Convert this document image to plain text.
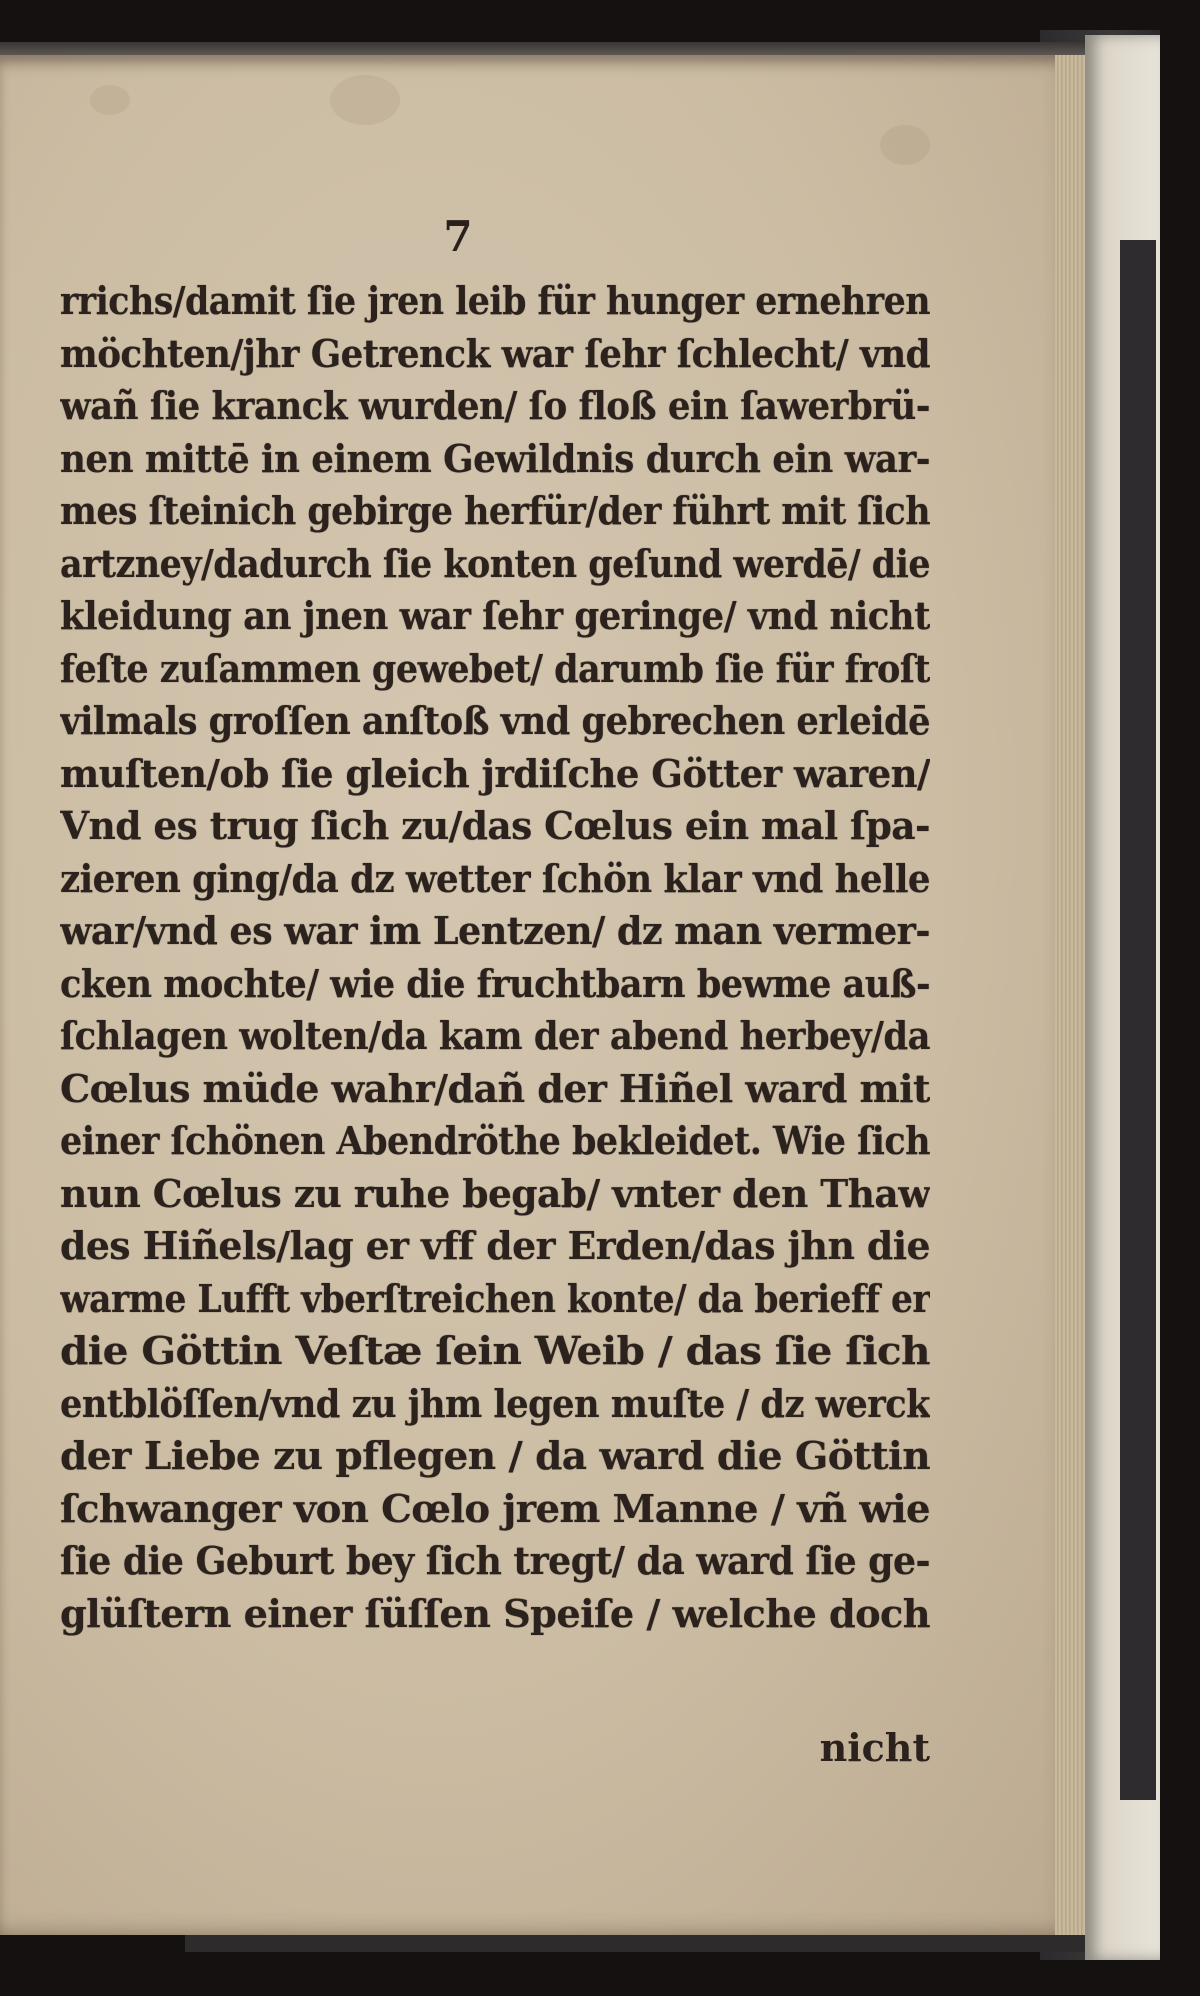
7

rrichs/damit ſie jren leib für hunger ernehren
möchten/jhr Getrenck war ſehr ſchlecht/ vnd
wañ ſie kranck wurden/ ſo floß ein ſawerbrü-
nen mittē in einem Gewildnis durch ein war-
mes ſteinich gebirge herfür/der führt mit ſich
artzney/dadurch ſie konten geſund werdē/ die
kleidung an jnen war ſehr geringe/ vnd nicht
feſte zuſammen gewebet/ darumb ſie für froſt
vilmals groſſen anſtoß vnd gebrechen erleidē
muſten/ob ſie gleich jrdiſche Götter waren/
Vnd es trug ſich zu/das Cœlus ein mal ſpa-
zieren ging/da dz wetter ſchön klar vnd helle
war/vnd es war im Lentzen/ dz man vermer-
cken mochte/ wie die fruchtbarn bewme auß-
ſchlagen wolten/da kam der abend herbey/da
Cœlus müde wahr/dañ der Hiñel ward mit
einer ſchönen Abendröthe bekleidet. Wie ſich
nun Cœlus zu ruhe begab/ vnter den Thaw
des Hiñels/lag er vff der Erden/das jhn die
warme Lufft vberſtreichen konte/ da berieff er
die Göttin Veſtæ ſein Weib / das ſie ſich
entblöſſen/vnd zu jhm legen muſte / dz werck
der Liebe zu pflegen / da ward die Göttin
ſchwanger von Cœlo jrem Manne / vñ wie
ſie die Geburt bey ſich tregt/ da ward ſie ge-
glüſtern einer ſüſſen Speiſe / welche doch

nicht
